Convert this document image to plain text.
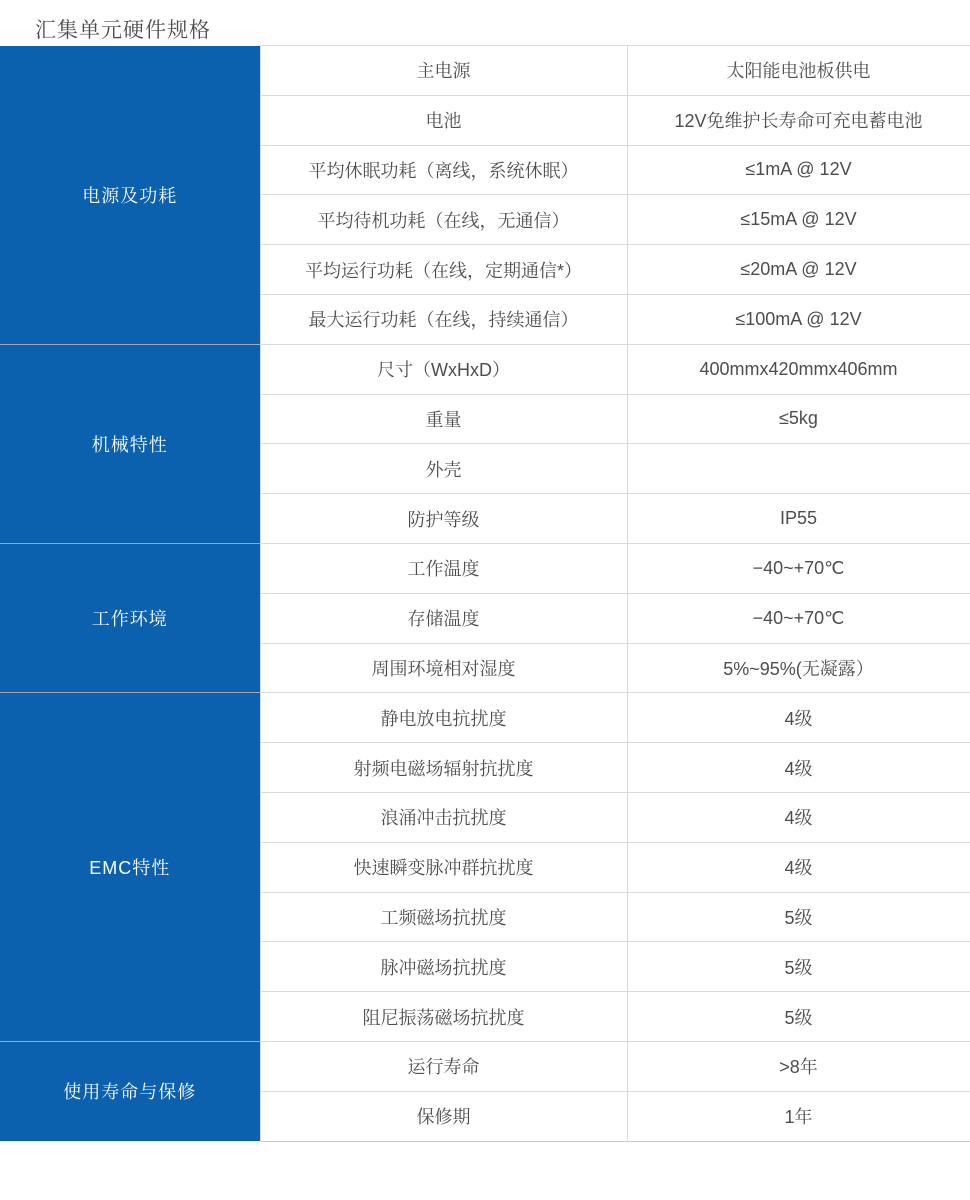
汇集单元硬件规格
电源及功耗	主电源	太阳能电池板供电
	电池	12V免维护长寿命可充电蓄电池
	平均休眠功耗（离线，系统休眠）	≤1mA @ 12V
	平均待机功耗（在线，无通信）	≤15mA @ 12V
	平均运行功耗（在线，定期通信*）	≤20mA @ 12V
	最大运行功耗（在线，持续通信）	≤100mA @ 12V
机械特性	尺寸（WxHxD）	400mmx420mmx406mm
	重量	≤5kg
	外壳	
	防护等级	IP55
工作环境	工作温度	−40~+70℃
	存储温度	−40~+70℃
	周围环境相对湿度	5%~95%(无凝露）
EMC特性	静电放电抗扰度	4级
	射频电磁场辐射抗扰度	4级
	浪涌冲击抗扰度	4级
	快速瞬变脉冲群抗扰度	4级
	工频磁场抗扰度	5级
	脉冲磁场抗扰度	5级
	阻尼振荡磁场抗扰度	5级
使用寿命与保修	运行寿命	>8年
	保修期	1年
